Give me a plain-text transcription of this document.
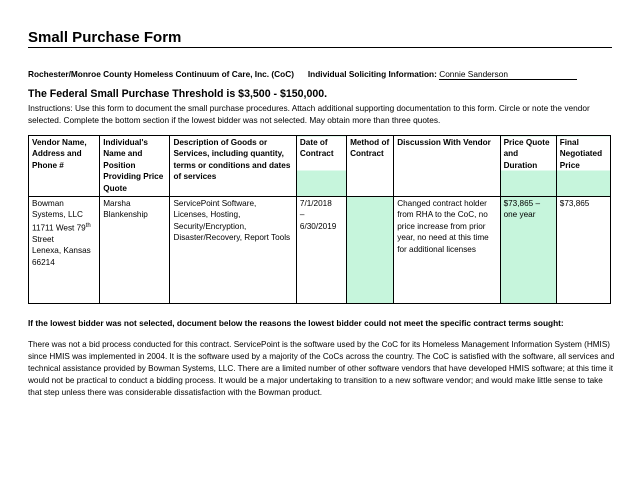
Small Purchase Form
Rochester/Monroe County Homeless Continuum of Care, Inc. (CoC) Individual Soliciting Information: Connie Sanderson
The Federal Small Purchase Threshold is $3,500 - $150,000.
Instructions: Use this form to document the small purchase procedures. Attach additional supporting documentation to this form. Circle or note the vendor selected. Complete the bottom section if the lowest bidder was not selected. May obtain more than three quotes.
Vendor Name, Address and Phone #	Individual's Name and Position Providing Price Quote	Description of Goods or Services, including quantity, terms or conditions and dates of services	Date of Contract	Method of Contract	Discussion With Vendor	Price Quote and Duration	Final Negotiated Price
Bowman Systems, LLC
11711 West 79th Street
Lenexa, Kansas 66214	Marsha Blankenship	ServicePoint Software, Licenses, Hosting, Security/Encryption, Disaster/Recovery, Report Tools	7/1/2018
–
6/30/2019		Changed contract holder from RHA to the CoC, no price increase from prior year, no need at this time for additional licenses	$73,865 – one year	$73,865
If the lowest bidder was not selected, document below the reasons the lowest bidder could not meet the specific contract terms sought:
There was not a bid process conducted for this contract. ServicePoint is the software used by the CoC for its Homeless Management Information System (HMIS) since HMIS was implemented in 2004. It is the software used by a majority of the CoCs across the country. The CoC is satisfied with the software, all services and technical assistance provided by Bowman Systems, LLC. There are a limited number of other software vendors that have developed HMIS software; at this time it would not be practical to conduct a bidding process. It would be a major undertaking to transition to a new software vendor; and would make little sense to take that step unless there was considerable dissatisfaction with the Bowman product.
